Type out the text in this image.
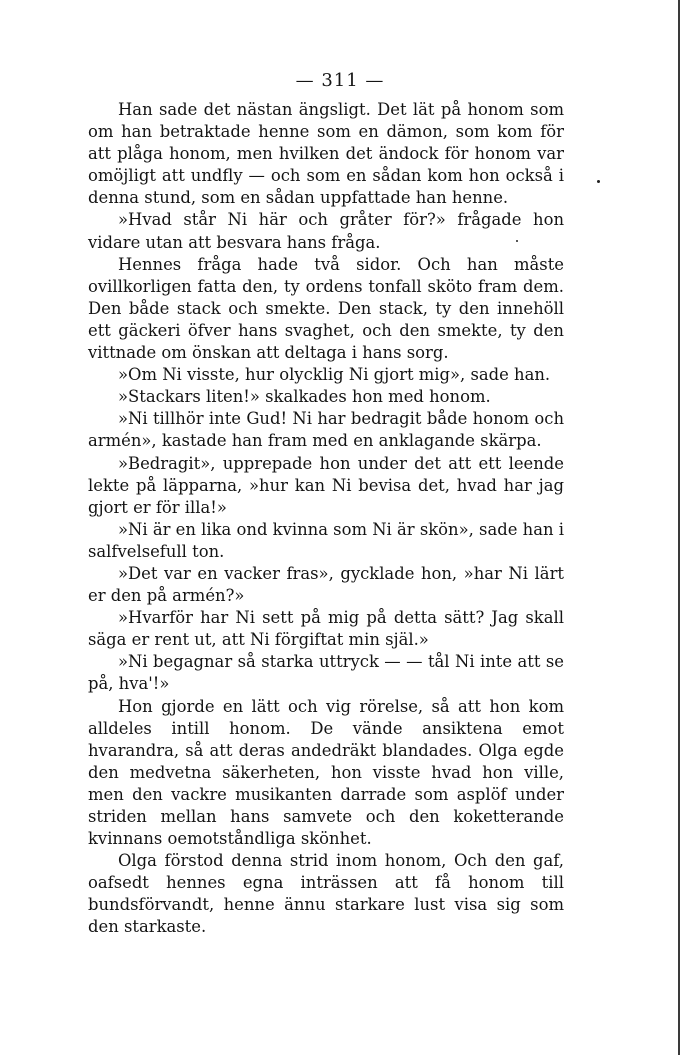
— 311 —

Han sade det nästan ängsligt. Det lät på honom som om han betraktade henne som en dämon, som kom för att plåga honom, men hvilken det ändock för honom var omöjligt att undfly — och som en sådan kom hon också i denna stund, som en sådan uppfattade han henne.

»Hvad står Ni här och gråter för?» frågade hon vidare utan att besvara hans fråga.

Hennes fråga hade två sidor. Och han måste ovillkorligen fatta den, ty ordens tonfall sköto fram dem. Den både stack och smekte. Den stack, ty den innehöll ett gäckeri öfver hans svaghet, och den smekte, ty den vittnade om önskan att deltaga i hans sorg.

»Om Ni visste, hur olycklig Ni gjort mig», sade han.

»Stackars liten!» skalkades hon med honom.

»Ni tillhör inte Gud! Ni har bedragit både honom och armén», kastade han fram med en anklagande skärpa.

»Bedragit», upprepade hon under det att ett leende lekte på läpparna, »hur kan Ni bevisa det, hvad har jag gjort er för illa!»

»Ni är en lika ond kvinna som Ni är skön», sade han i salfvelsefull ton.

»Det var en vacker fras», gycklade hon, »har Ni lärt er den på armén?»

»Hvarför har Ni sett på mig på detta sätt? Jag skall säga er rent ut, att Ni förgiftat min själ.»

»Ni begagnar så starka uttryck — — tål Ni inte att se på, hva'!»

Hon gjorde en lätt och vig rörelse, så att hon kom alldeles intill honom. De vände ansiktena emot hvarandra, så att deras andedräkt blandades. Olga egde den medvetna säkerheten, hon visste hvad hon ville, men den vackre musikanten darrade som asplöf under striden mellan hans samvete och den koketterande kvinnans oemotståndliga skönhet.

Olga förstod denna strid inom honom, Och den gaf, oafsedt hennes egna inträssen att få honom till bundsförvandt, henne ännu starkare lust visa sig som den starkaste.
